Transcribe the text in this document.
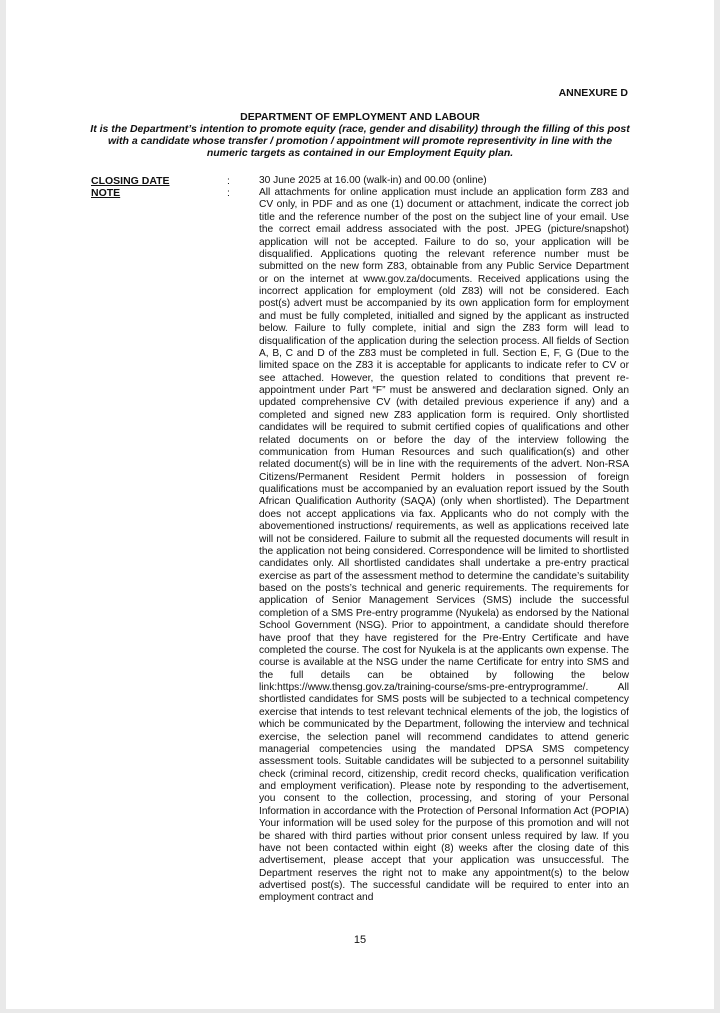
ANNEXURE D
DEPARTMENT OF EMPLOYMENT AND LABOUR
It is the Department’s intention to promote equity (race, gender and disability) through the filling of this post with a candidate whose transfer / promotion / appointment will promote representivity in line with the numeric targets as contained in our Employment Equity plan.
CLOSING DATE	:	30 June 2025 at 16.00 (walk-in) and 00.00 (online)
NOTE	:	All attachments for online application must include an application form Z83 and CV only, in PDF and as one (1) document or attachment, indicate the correct job title and the reference number of the post on the subject line of your email. Use the correct email address associated with the post. JPEG (picture/snapshot) application will not be accepted. Failure to do so, your application will be disqualified. Applications quoting the relevant reference number must be submitted on the new form Z83, obtainable from any Public Service Department or on the internet at www.gov.za/documents. Received applications using the incorrect application for employment (old Z83) will not be considered. Each post(s) advert must be accompanied by its own application form for employment and must be fully completed, initialled and signed by the applicant as instructed below. Failure to fully complete, initial and sign the Z83 form will lead to disqualification of the application during the selection process. All fields of Section A, B, C and D of the Z83 must be completed in full. Section E, F, G (Due to the limited space on the Z83 it is acceptable for applicants to indicate refer to CV or see attached. However, the question related to conditions that prevent re-appointment under Part “F” must be answered and declaration signed. Only an updated comprehensive CV (with detailed previous experience if any) and a completed and signed new Z83 application form is required. Only shortlisted candidates will be required to submit certified copies of qualifications and other related documents on or before the day of the interview following the communication from Human Resources and such qualification(s) and other related document(s) will be in line with the requirements of the advert. Non-RSA Citizens/Permanent Resident Permit holders in possession of foreign qualifications must be accompanied by an evaluation report issued by the South African Qualification Authority (SAQA) (only when shortlisted). The Department does not accept applications via fax. Applicants who do not comply with the abovementioned instructions/ requirements, as well as applications received late will not be considered. Failure to submit all the requested documents will result in the application not being considered. Correspondence will be limited to shortlisted candidates only. All shortlisted candidates shall undertake a pre-entry practical exercise as part of the assessment method to determine the candidate’s suitability based on the posts’s technical and generic requirements. The requirements for application of Senior Management Services (SMS) include the successful completion of a SMS Pre-entry programme (Nyukela) as endorsed by the National School Government (NSG). Prior to appointment, a candidate should therefore have proof that they have registered for the Pre-Entry Certificate and have completed the course. The cost for Nyukela is at the applicants own expense. The course is available at the NSG under the name Certificate for entry into SMS and the full details can be obtained by following the below link:https://www.thensg.gov.za/training-course/sms-pre-entryprogramme/. All shortlisted candidates for SMS posts will be subjected to a technical competency exercise that intends to test relevant technical elements of the job, the logistics of which be communicated by the Department, following the interview and technical exercise, the selection panel will recommend candidates to attend generic managerial competencies using the mandated DPSA SMS competency assessment tools. Suitable candidates will be subjected to a personnel suitability check (criminal record, citizenship, credit record checks, qualification verification and employment verification). Please note by responding to the advertisement, you consent to the collection, processing, and storing of your Personal Information in accordance with the Protection of Personal Information Act (POPIA) Your information will be used soley for the purpose of this promotion and will not be shared with third parties without prior consent unless required by law. If you have not been contacted within eight (8) weeks after the closing date of this advertisement, please accept that your application was unsuccessful. The Department reserves the right not to make any appointment(s) to the below advertised post(s). The successful candidate will be required to enter into an employment contract and
15
